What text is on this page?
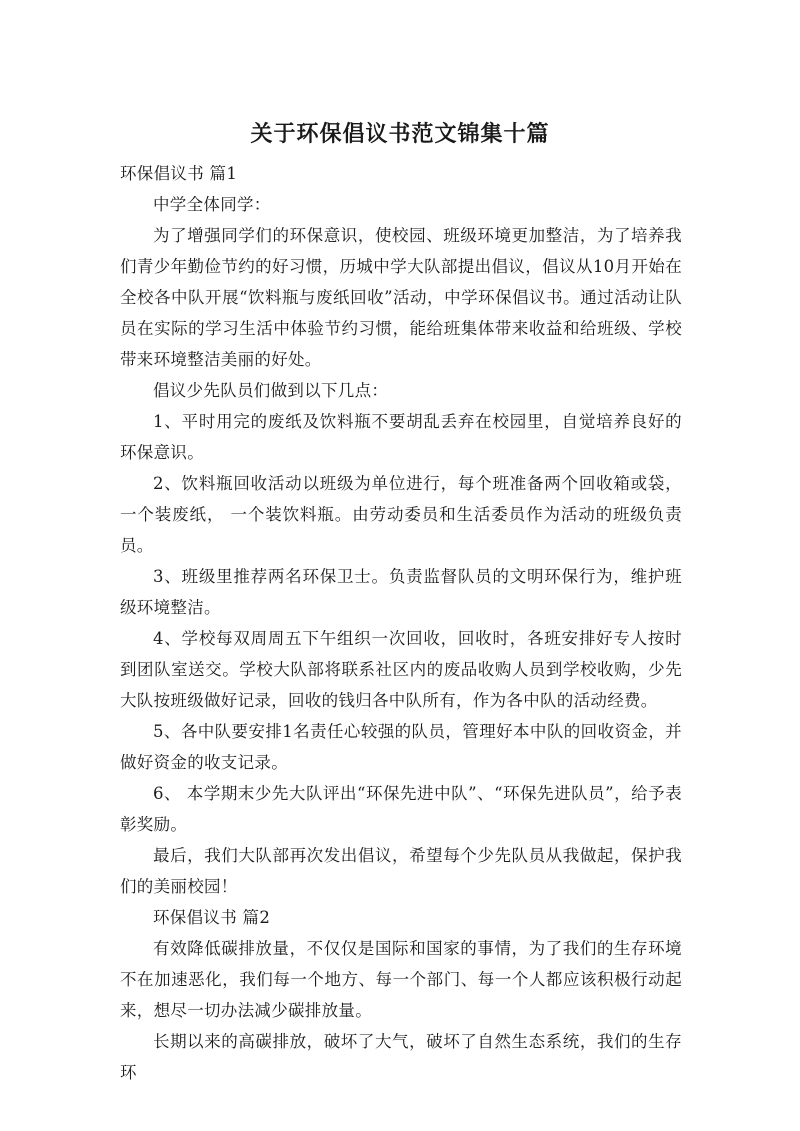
关于环保倡议书范文锦集十篇

环保倡议书 篇1

中学全体同学：

为了增强同学们的环保意识，使校园、班级环境更加整洁，为了培养我们青少年勤俭节约的好习惯，历城中学大队部提出倡议，倡议从10月开始在全校各中队开展“饮料瓶与废纸回收”活动，中学环保倡议书。通过活动让队员在实际的学习生活中体验节约习惯，能给班集体带来收益和给班级、学校带来环境整洁美丽的好处。

倡议少先队员们做到以下几点：

1、平时用完的废纸及饮料瓶不要胡乱丢弃在校园里，自觉培养良好的环保意识。

2、饮料瓶回收活动以班级为单位进行，每个班准备两个回收箱或袋，一个装废纸， 一个装饮料瓶。由劳动委员和生活委员作为活动的班级负责员。

3、班级里推荐两名环保卫士。负责监督队员的文明环保行为，维护班级环境整洁。

4、学校每双周周五下午组织一次回收，回收时，各班安排好专人按时到团队室送交。学校大队部将联系社区内的废品收购人员到学校收购，少先大队按班级做好记录，回收的钱归各中队所有，作为各中队的活动经费。

5、各中队要安排1名责任心较强的队员，管理好本中队的回收资金，并做好资金的收支记录。

6、 本学期末少先大队评出“环保先进中队”、“环保先进队员”，给予表彰奖励。

最后，我们大队部再次发出倡议，希望每个少先队员从我做起，保护我们的美丽校园！

环保倡议书 篇2

有效降低碳排放量，不仅仅是国际和国家的事情，为了我们的生存环境不在加速恶化，我们每一个地方、每一个部门、每一个人都应该积极行动起来，想尽一切办法减少碳排放量。

长期以来的高碳排放，破坏了大气，破坏了自然生态系统，我们的生存环
